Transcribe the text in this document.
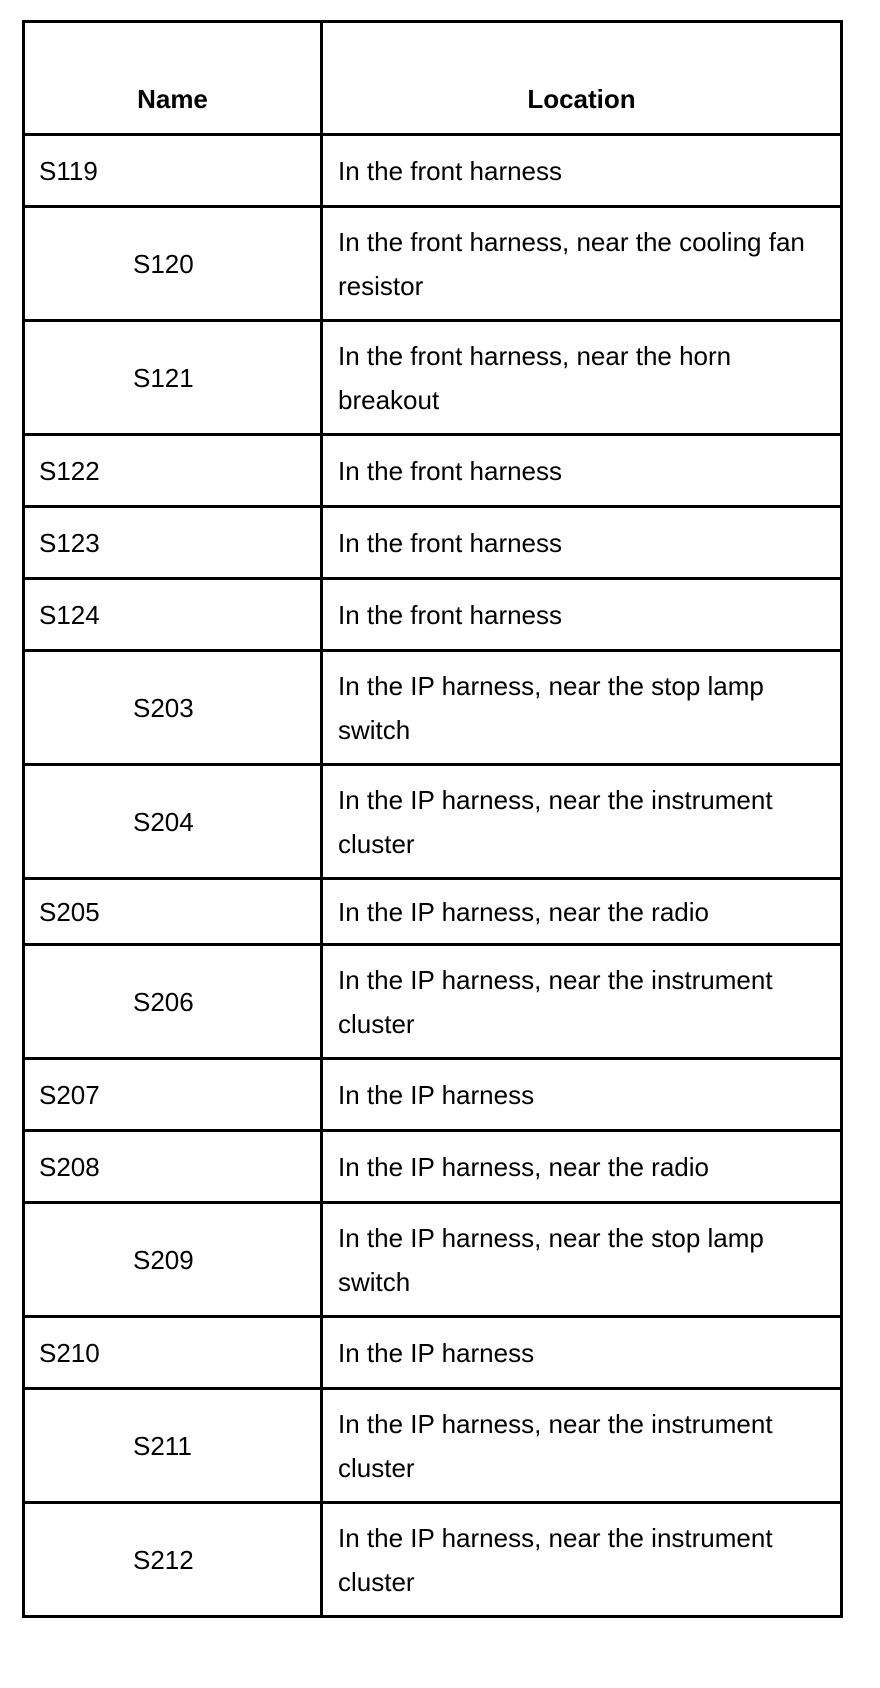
Name	Location
S119	In the front harness
S120	In the front harness, near the cooling fan resistor
S121	In the front harness, near the horn breakout
S122	In the front harness
S123	In the front harness
S124	In the front harness
S203	In the IP harness, near the stop lamp switch
S204	In the IP harness, near the instrument cluster
S205	In the IP harness, near the radio
S206	In the IP harness, near the instrument cluster
S207	In the IP harness
S208	In the IP harness, near the radio
S209	In the IP harness, near the stop lamp switch
S210	In the IP harness
S211	In the IP harness, near the instrument cluster
S212	In the IP harness, near the instrument cluster
